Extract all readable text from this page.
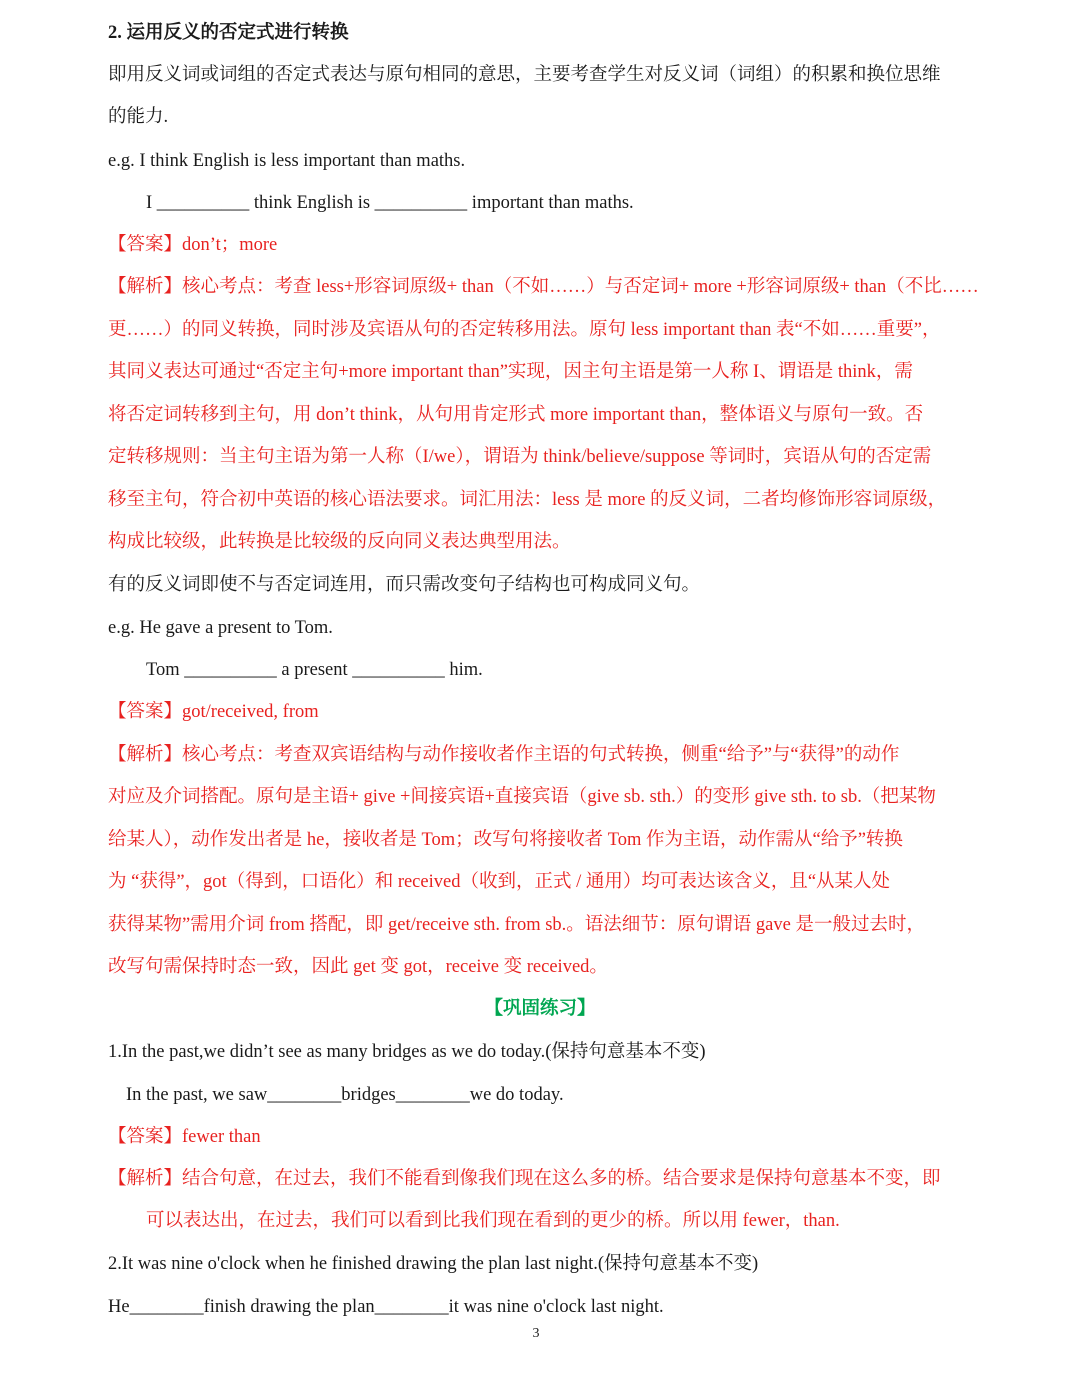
2. 运用反义的否定式进行转换

即用反义词或词组的否定式表达与原句相同的意思，主要考查学生对反义词（词组）的积累和换位思维

的能力.

e.g. I think English is less important than maths.

I __________ think English is __________ important than maths.

【答案】don’t；more

【解析】核心考点：考查 less+形容词原级+ than（不如……）与否定词+ more +形容词原级+ than（不比……

更……）的同义转换，同时涉及宾语从句的否定转移用法。原句 less important than 表“不如……重要”，

其同义表达可通过“否定主句+more important than”实现，因主句主语是第一人称 I、谓语是 think，需

将否定词转移到主句，用 don’t think，从句用肯定形式 more important than，整体语义与原句一致。否

定转移规则：当主句主语为第一人称（I/we），谓语为 think/believe/suppose 等词时，宾语从句的否定需

移至主句，符合初中英语的核心语法要求。词汇用法：less 是 more 的反义词，二者均修饰形容词原级，

构成比较级，此转换是比较级的反向同义表达典型用法。

有的反义词即使不与否定词连用，而只需改变句子结构也可构成同义句。

e.g. He gave a present to Tom.

Tom __________ a present __________ him.

【答案】got/received, from

【解析】核心考点：考查双宾语结构与动作接收者作主语的句式转换，侧重“给予”与“获得”的动作

对应及介词搭配。原句是主语+ give +间接宾语+直接宾语（give sb. sth.）的变形 give sth. to sb.（把某物

给某人），动作发出者是 he，接收者是 Tom；改写句将接收者 Tom 作为主语，动作需从“给予”转换

为 “获得”，got（得到，口语化）和 received（收到，正式 / 通用）均可表达该含义，且“从某人处

获得某物”需用介词 from 搭配，即 get/receive sth. from sb.。语法细节：原句谓语 gave 是一般过去时，

改写句需保持时态一致，因此 get 变 got，receive 变 received。

【巩固练习】

1.In the past,we didn’t see as many bridges as we do today.(保持句意基本不变)

In the past, we saw________bridges________we do today.

【答案】fewer than

【解析】结合句意，在过去，我们不能看到像我们现在这么多的桥。结合要求是保持句意基本不变，即

可以表达出，在过去，我们可以看到比我们现在看到的更少的桥。所以用 fewer，than.

2.It was nine o'clock when he finished drawing the plan last night.(保持句意基本不变)

He________finish drawing the plan________it was nine o'clock last night.

3
